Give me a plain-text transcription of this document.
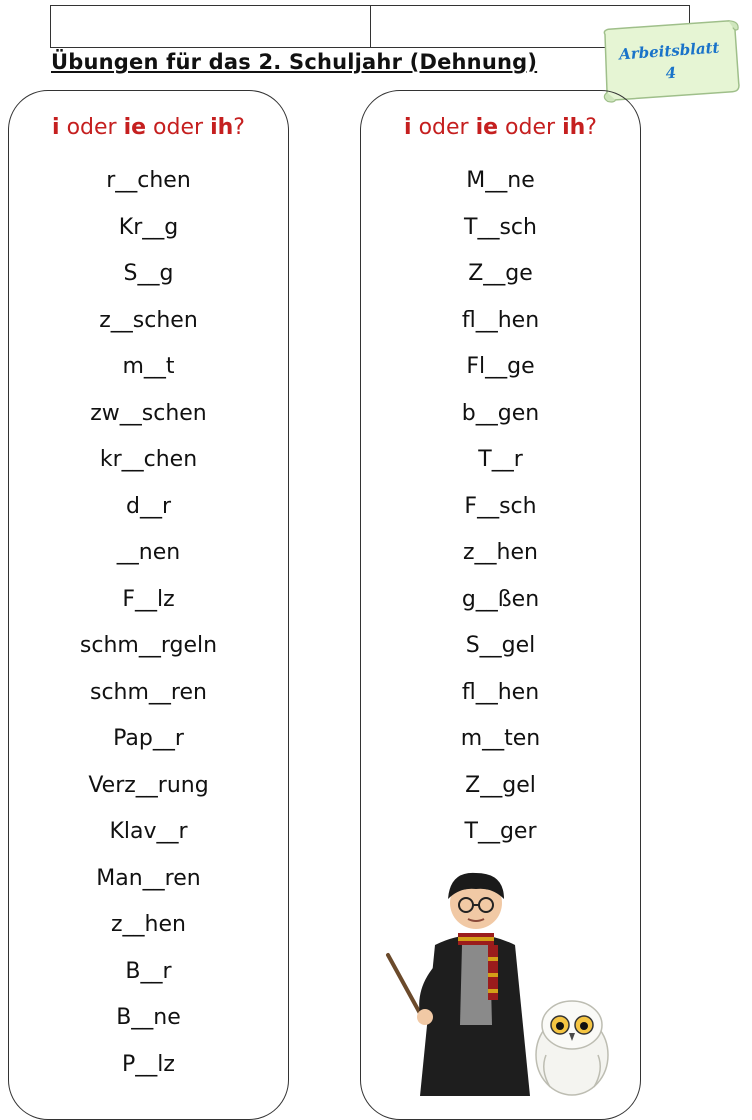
Übungen für das 2. Schuljahr (Dehnung)	Arbeitsblatt
4
i oder ie oder ih?
r__chen
Kr__g
S__g
z__schen
m__t
zw__schen
kr__chen
d__r
__nen
F__lz
schm__rgeln
schm__ren
Pap__r
Verz__rung
Klav__r
Man__ren
z__hen
B__r
B__ne
P__lz
i oder ie oder ih?
M__ne
T__sch
Z__ge
fl__hen
Fl__ge
b__gen
T__r
F__sch
z__hen
g__ßen
S__gel
fl__hen
m__ten
Z__gel
T__ger
